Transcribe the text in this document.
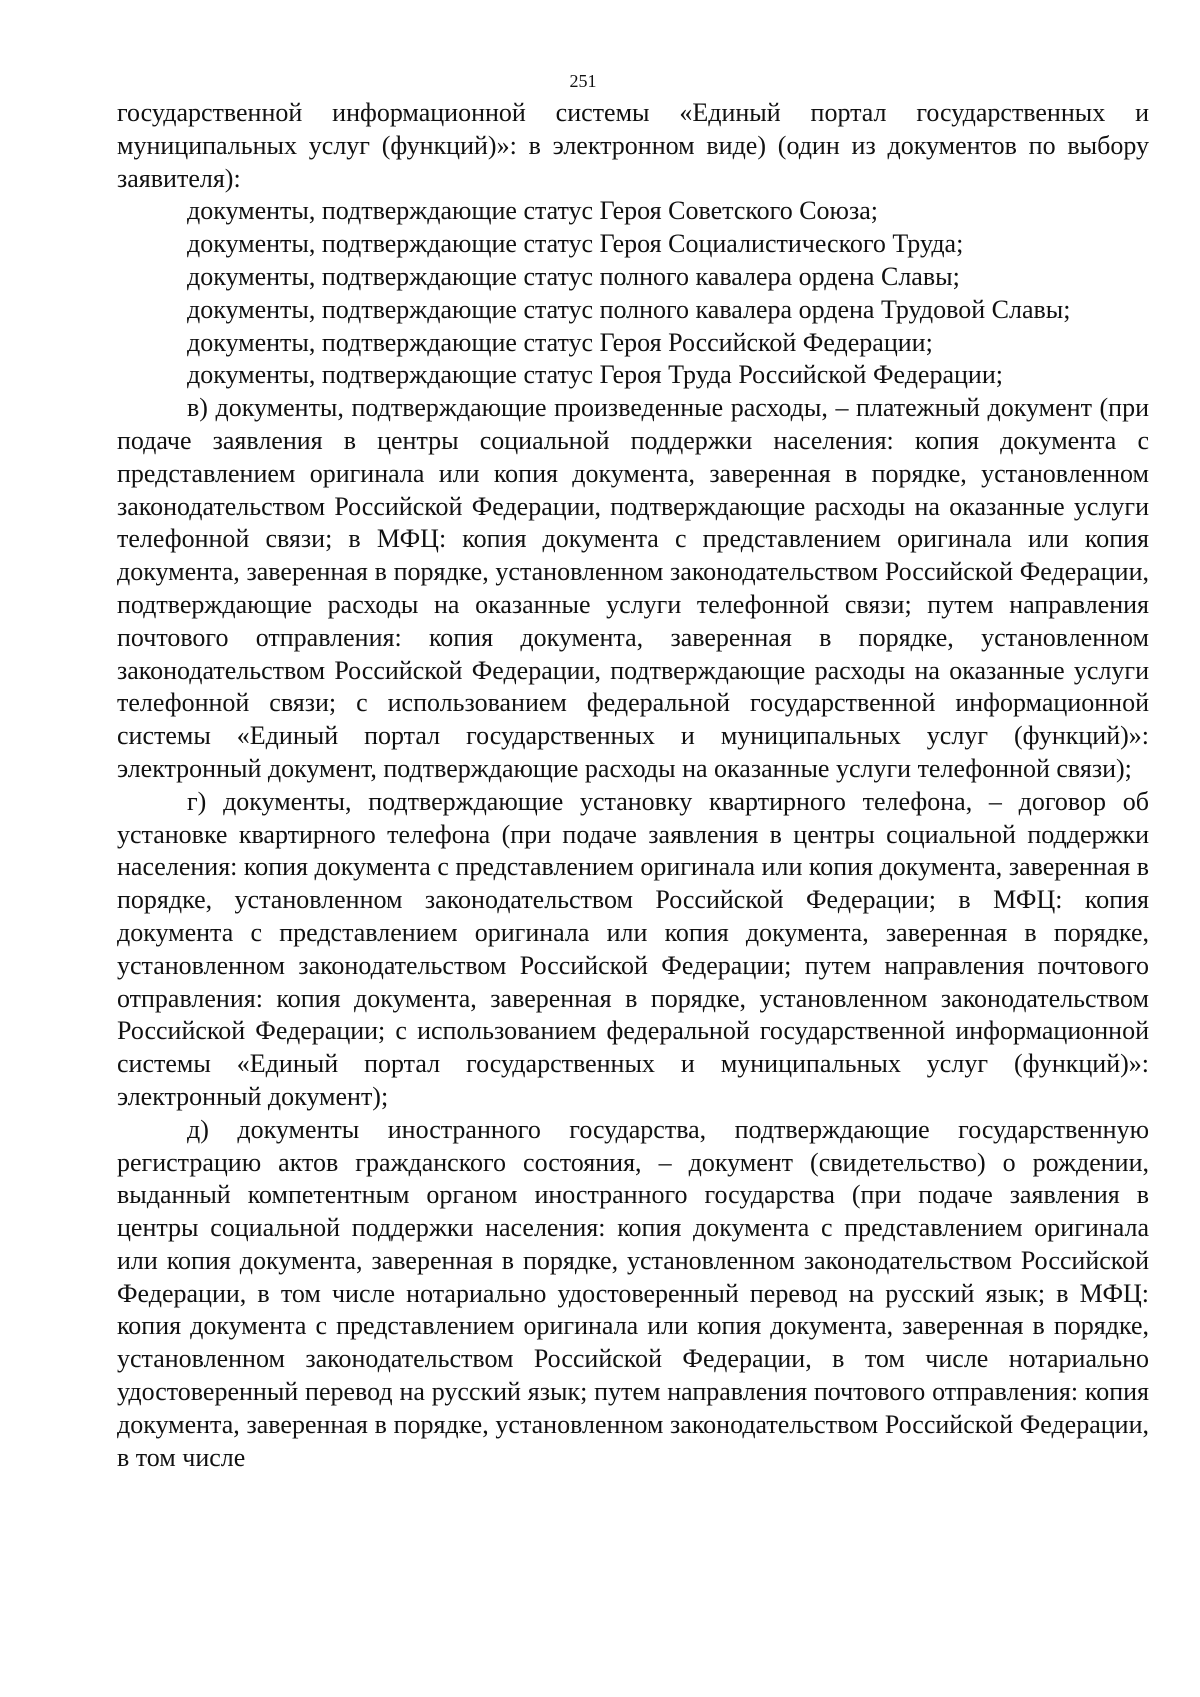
251

государственной информационной системы «Единый портал государственных и муниципальных услуг (функций)»: в электронном виде) (один из документов по выбору заявителя):

документы, подтверждающие статус Героя Советского Союза;

документы, подтверждающие статус Героя Социалистического Труда;

документы, подтверждающие статус полного кавалера ордена Славы;

документы, подтверждающие статус полного кавалера ордена Трудовой Славы;

документы, подтверждающие статус Героя Российской Федерации;

документы, подтверждающие статус Героя Труда Российской Федерации;

в) документы, подтверждающие произведенные расходы, – платежный документ (при подаче заявления в центры социальной поддержки населения: копия документа с представлением оригинала или копия документа, заверенная в порядке, установленном законодательством Российской Федерации, подтверждающие расходы на оказанные услуги телефонной связи; в МФЦ: копия документа с представлением оригинала или копия документа, заверенная в порядке, установленном законодательством Российской Федерации, подтверждающие расходы на оказанные услуги телефонной связи; путем направления почтового отправления: копия документа, заверенная в порядке, установленном законодательством Российской Федерации, подтверждающие расходы на оказанные услуги телефонной связи; с использованием федеральной государственной информационной системы «Единый портал государственных и муниципальных услуг (функций)»: электронный документ, подтверждающие расходы на оказанные услуги телефонной связи);

г) документы, подтверждающие установку квартирного телефона, – договор об установке квартирного телефона (при подаче заявления в центры социальной поддержки населения: копия документа с представлением оригинала или копия документа, заверенная в порядке, установленном законодательством Российской Федерации; в МФЦ: копия документа с представлением оригинала или копия документа, заверенная в порядке, установленном законодательством Российской Федерации; путем направления почтового отправления: копия документа, заверенная в порядке, установленном законодательством Российской Федерации; с использованием федеральной государственной информационной системы «Единый портал государственных и муниципальных услуг (функций)»: электронный документ);

д) документы иностранного государства, подтверждающие государственную регистрацию актов гражданского состояния, – документ (свидетельство) о рождении, выданный компетентным органом иностранного государства (при подаче заявления в центры социальной поддержки населения: копия документа с представлением оригинала или копия документа, заверенная в порядке, установленном законодательством Российской Федерации, в том числе нотариально удостоверенный перевод на русский язык; в МФЦ: копия документа с представлением оригинала или копия документа, заверенная в порядке, установленном законодательством Российской Федерации, в том числе нотариально удостоверенный перевод на русский язык; путем направления почтового отправления: копия документа, заверенная в порядке, установленном законодательством Российской Федерации, в том числе
